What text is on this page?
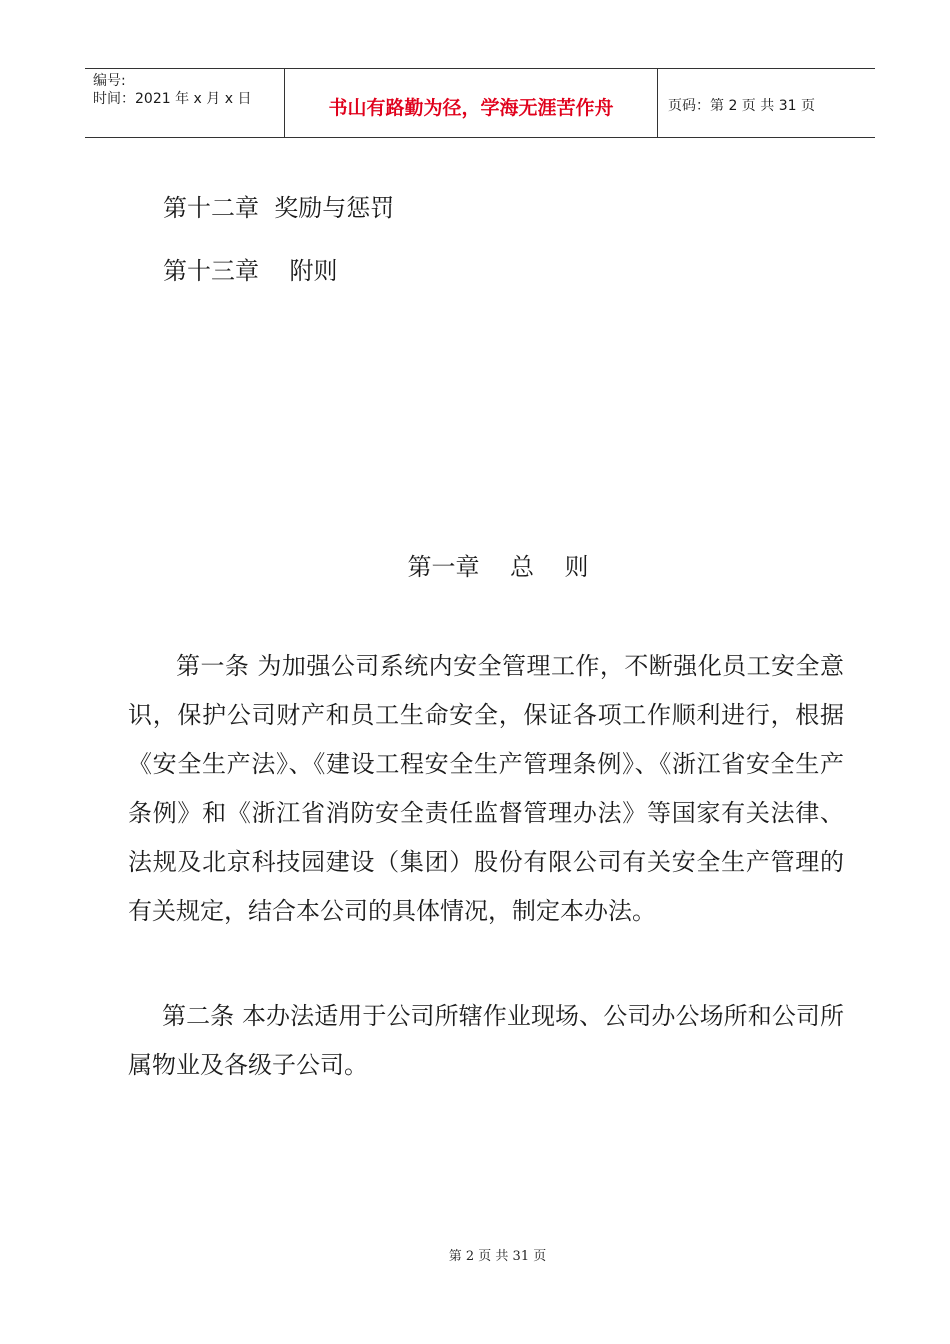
编号:
时间：2021 年 x 月 x 日	书山有路勤为径，学海无涯苦作舟	页码：第 2 页 共 31 页
第十二章  奖励与惩罚
第十三章    附则
第一章    总    则
第一条 为加强公司系统内安全管理工作，不断强化员工安全意识，保护公司财产和员工生命安全，保证各项工作顺利进行，根据《安全生产法》、《建设工程安全生产管理条例》、《浙江省安全生产条例》和《浙江省消防安全责任监督管理办法》等国家有关法律、法规及北京科技园建设（集团）股份有限公司有关安全生产管理的有关规定，结合本公司的具体情况，制定本办法。
第二条 本办法适用于公司所辖作业现场、公司办公场所和公司所属物业及各级子公司。
第 2 页 共 31 页
